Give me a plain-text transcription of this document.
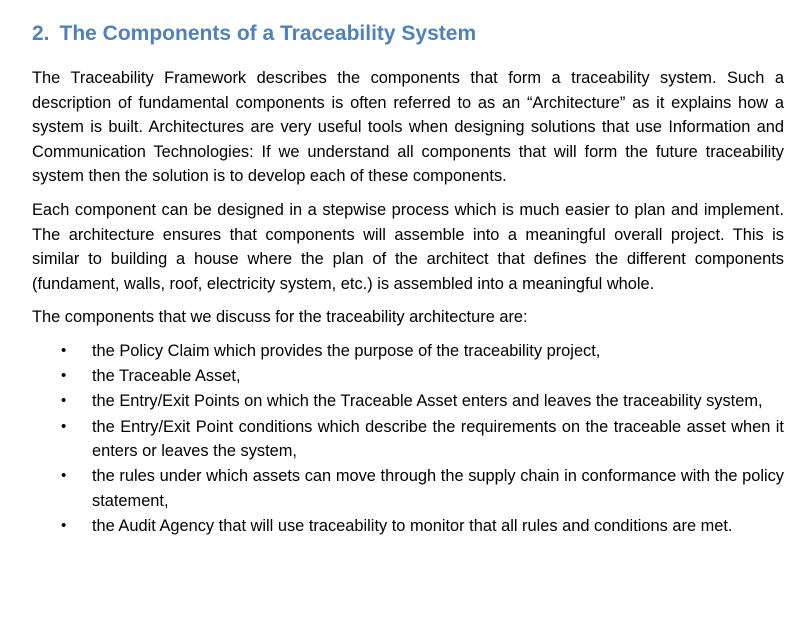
2. The Components of a Traceability System

The Traceability Framework describes the components that form a traceability system. Such a description of fundamental components is often referred to as an “Architecture” as it explains how a system is built. Architectures are very useful tools when designing solutions that use Information and Communication Technologies: If we understand all components that will form the future traceability system then the solution is to develop each of these components.

Each component can be designed in a stepwise process which is much easier to plan and implement. The architecture ensures that components will assemble into a meaningful overall project. This is similar to building a house where the plan of the architect that defines the different components (fundament, walls, roof, electricity system, etc.) is assembled into a meaningful whole.

The components that we discuss for the traceability architecture are:

• the Policy Claim which provides the purpose of the traceability project,
• the Traceable Asset,
• the Entry/Exit Points on which the Traceable Asset enters and leaves the traceability system,
• the Entry/Exit Point conditions which describe the requirements on the traceable asset when it enters or leaves the system,
• the rules under which assets can move through the supply chain in conformance with the policy statement,
• the Audit Agency that will use traceability to monitor that all rules and conditions are met.
